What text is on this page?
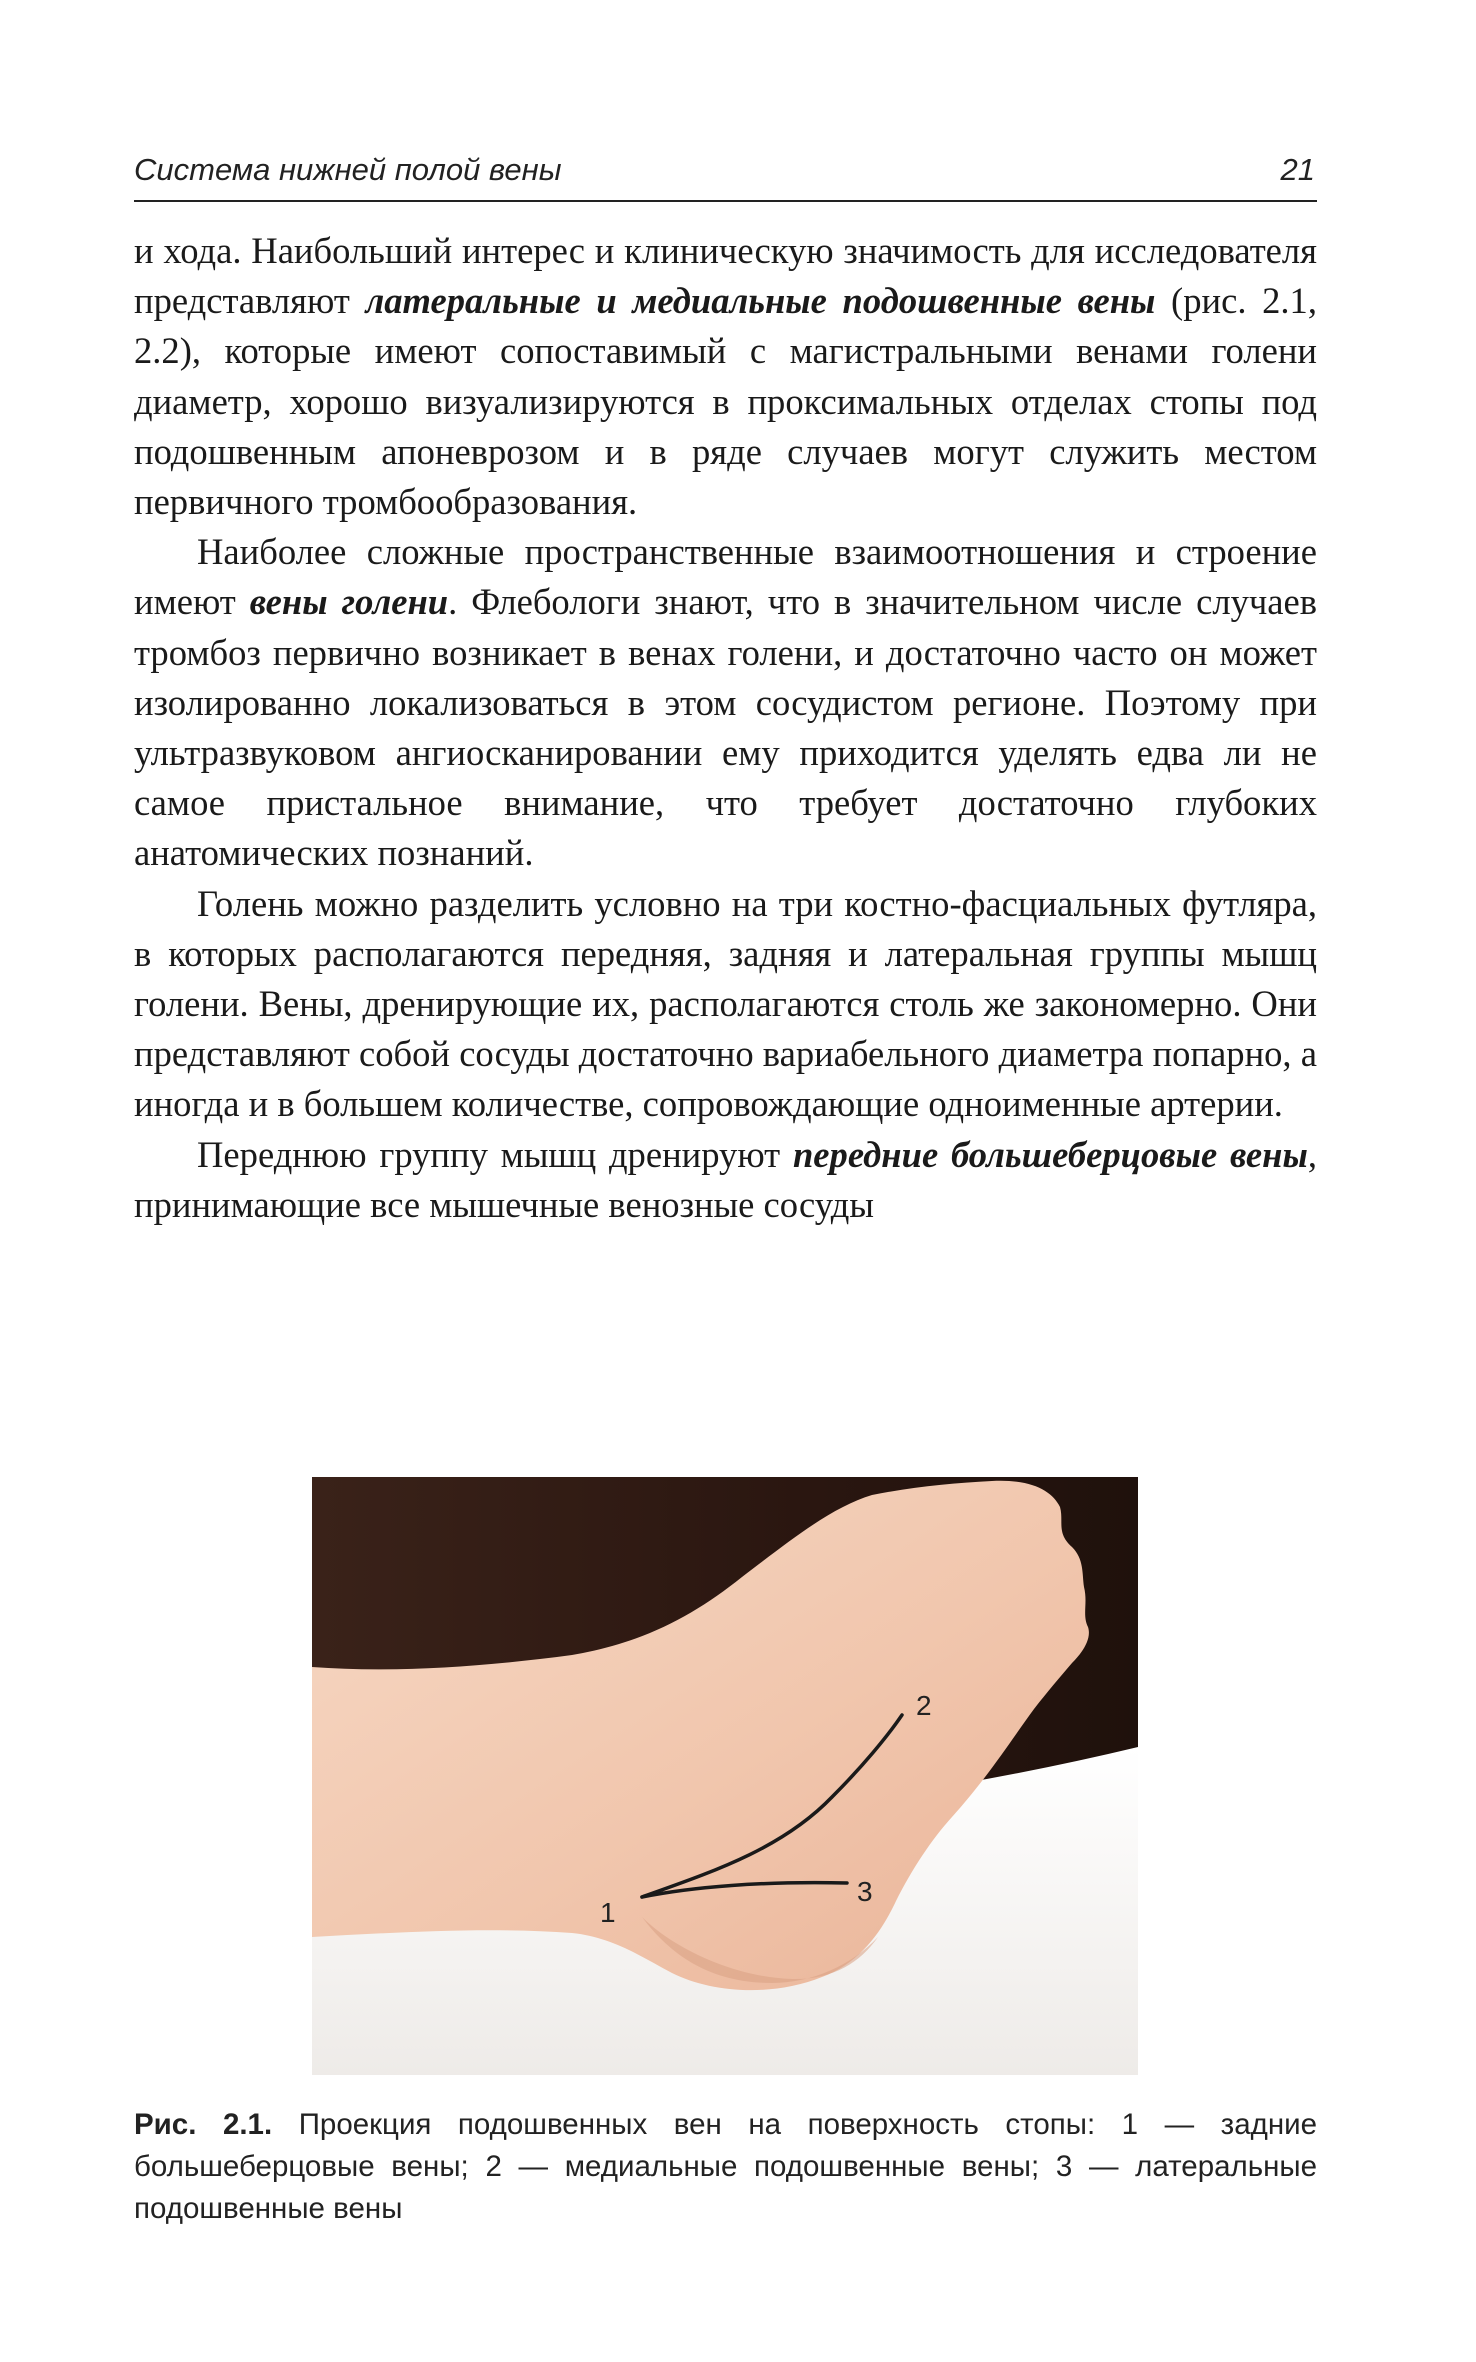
Система нижней полой вены	21

и хода. Наибольший интерес и клиническую значимость для исследователя представляют латеральные и медиальные подошвенные вены (рис. 2.1, 2.2), которые имеют сопоставимый с магистральными венами голени диаметр, хорошо визуализируются в проксимальных отделах стопы под подошвенным апоневрозом и в ряде случаев могут служить местом первичного тромбообразования.

Наиболее сложные пространственные взаимоотношения и строение имеют вены голени. Флебологи знают, что в значительном числе случаев тромбоз первично возникает в венах голени, и достаточно часто он может изолированно локализоваться в этом сосудистом регионе. Поэтому при ультразвуковом ангиосканировании ему приходится уделять едва ли не самое пристальное внимание, что требует достаточно глубоких анатомических познаний.

Голень можно разделить условно на три костно-фасциальных футляра, в которых располагаются передняя, задняя и латеральная группы мышц голени. Вены, дренирующие их, располагаются столь же закономерно. Они представляют собой сосуды достаточно вариабельного диаметра попарно, а иногда и в большем количестве, сопровождающие одноименные артерии.

Переднюю группу мышц дренируют передние большеберцовые вены, принимающие все мышечные венозные сосуды

1
2
3
Рис. 2.1. Проекция подошвенных вен на поверхность стопы: 1 — задние большеберцовые вены; 2 — медиальные подошвенные вены; 3 — латеральные подошвенные вены
